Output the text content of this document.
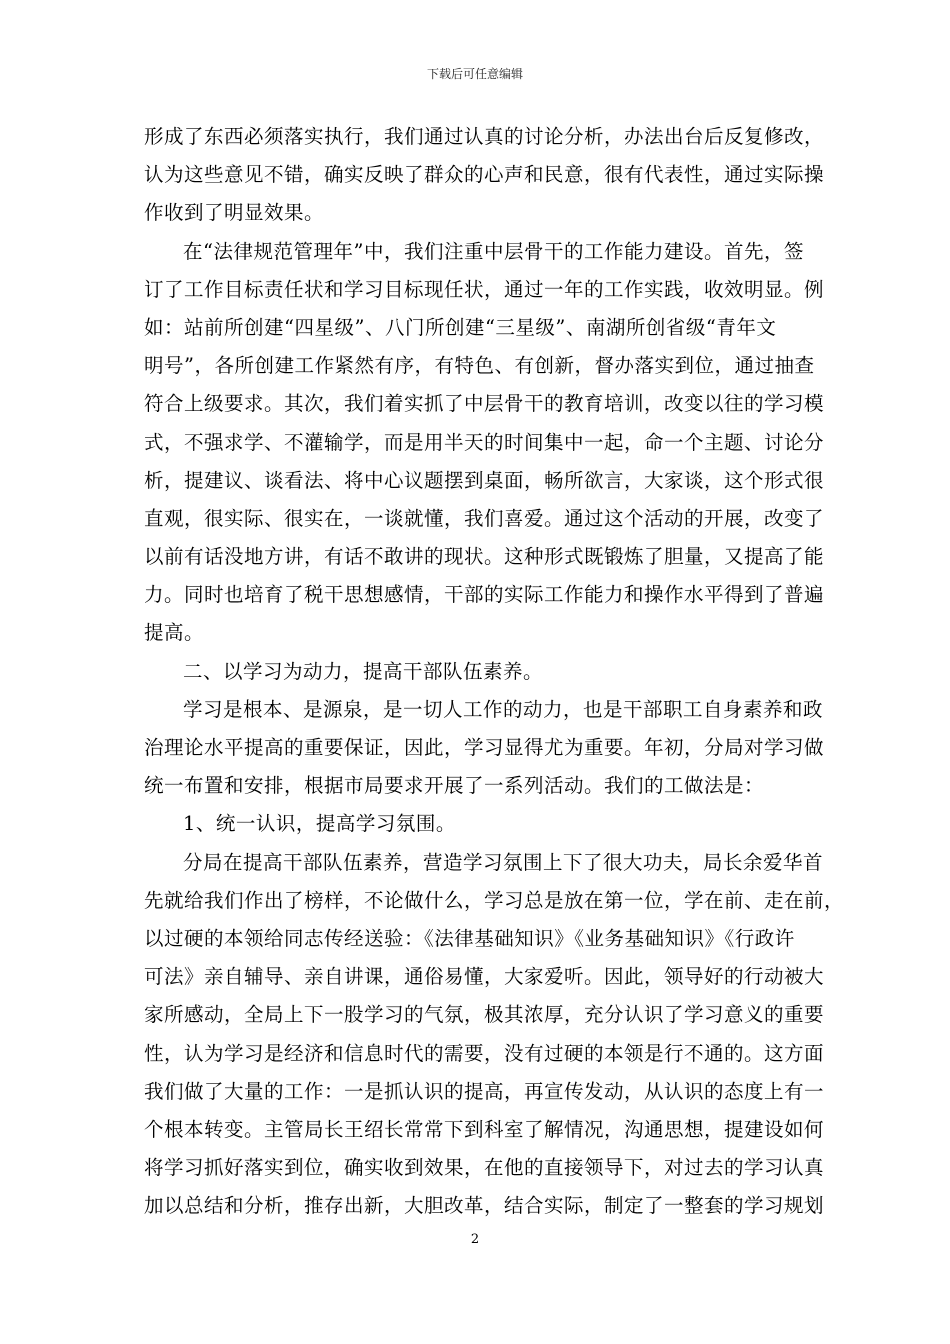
下载后可任意编辑
形成了东西必须落实执行，我们通过认真的讨论分析，办法出台后反复修改，
认为这些意见不错，确实反映了群众的心声和民意，很有代表性，通过实际操
作收到了明显效果。
在“法律规范管理年”中，我们注重中层骨干的工作能力建设。首先，签
订了工作目标责任状和学习目标现任状，通过一年的工作实践，收效明显。例
如：站前所创建“四星级”、八门所创建“三星级”、南湖所创省级“青年文
明号”，各所创建工作紧然有序，有特色、有创新，督办落实到位，通过抽查
符合上级要求。其次，我们着实抓了中层骨干的教育培训，改变以往的学习模
式，不强求学、不灌输学，而是用半天的时间集中一起，命一个主题、讨论分
析，提建议、谈看法、将中心议题摆到桌面，畅所欲言，大家谈，这个形式很
直观，很实际、很实在，一谈就懂，我们喜爱。通过这个活动的开展，改变了
以前有话没地方讲，有话不敢讲的现状。这种形式既锻炼了胆量，又提高了能
力。同时也培育了税干思想感情，干部的实际工作能力和操作水平得到了普遍
提高。
二、以学习为动力，提高干部队伍素养。
学习是根本、是源泉，是一切人工作的动力，也是干部职工自身素养和政
治理论水平提高的重要保证，因此，学习显得尤为重要。年初，分局对学习做
统一布置和安排，根据市局要求开展了一系列活动。我们的工做法是：
1、统一认识，提高学习氛围。
分局在提高干部队伍素养，营造学习氛围上下了很大功夫，局长余爱华首
先就给我们作出了榜样，不论做什么，学习总是放在第一位，学在前、走在前，
以过硬的本领给同志传经送验：《法律基础知识》《业务基础知识》《行政许
可法》亲自辅导、亲自讲课，通俗易懂，大家爱听。因此，领导好的行动被大
家所感动，全局上下一股学习的气氛，极其浓厚，充分认识了学习意义的重要
性，认为学习是经济和信息时代的需要，没有过硬的本领是行不通的。这方面
我们做了大量的工作：一是抓认识的提高，再宣传发动，从认识的态度上有一
个根本转变。主管局长王绍长常常下到科室了解情况，沟通思想，提建设如何
将学习抓好落实到位，确实收到效果，在他的直接领导下，对过去的学习认真
加以总结和分析，推存出新，大胆改革，结合实际，制定了一整套的学习规划
2
